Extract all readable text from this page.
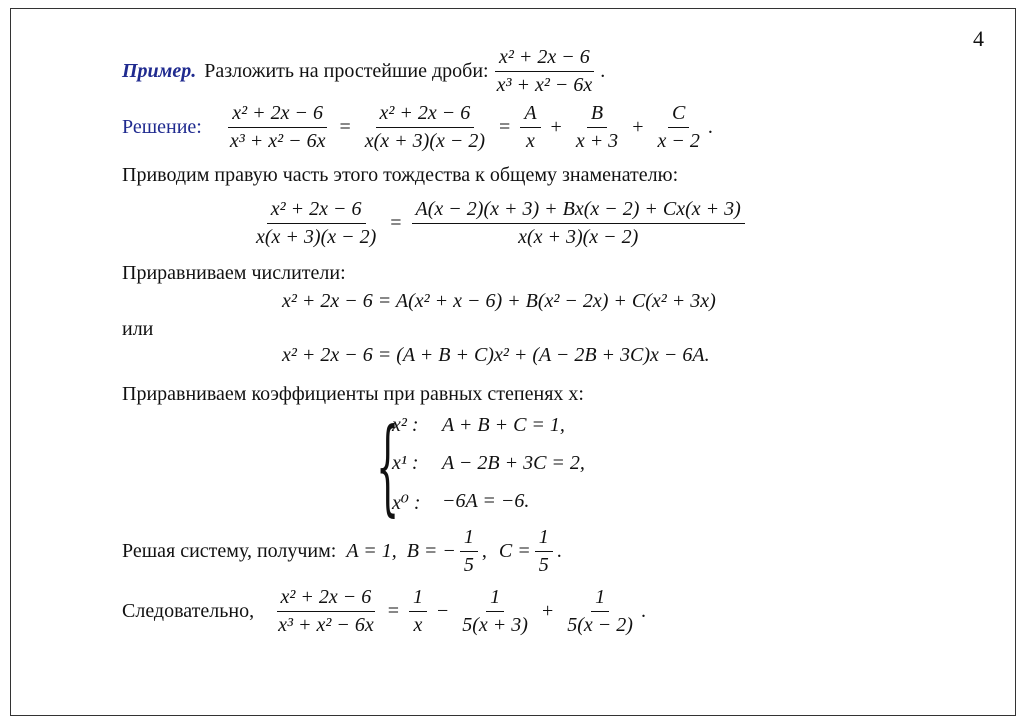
4
Пример. Разложить на простейшие дроби: $\frac{\text{x² + 2x − 6}}{\text{x³ + x² − 6x}}$ .
Решение: $\frac{\text{x² + 2x − 6}}{\text{x³ + x² − 6x}} = \frac{\text{x² + 2x − 6}}{x(x + 3)(x - 2)} = \frac{A}{x} + \frac{B}{x + 3} + \frac{C}{x - 2}$ .
Приводим правую часть этого тождества к общему знаменателю:
$\frac{\text{x² + 2x − 6}}{x(x + 3)(x - 2)} = \frac{A(x - 2)(x + 3) + Bx(x - 2) + Cx(x + 3)}{x(x + 3)(x - 2)}$
Приравниваем числители:
x² + 2x − 6 = A(x² + x − 6) + B(x² − 2x) + C(x² + 3x)
или
x² + 2x − 6 = (A + B + C)x² + (A − 2B + 3C)x − 6A.
Приравниваем коэффициенты при равных степенях x:
{
x² :	A + B + C = 1,
x¹ :	A − 2B + 3C = 2,
x⁰ :	−6A = −6.
Решая систему, получим: A = 1, B = − $\frac{1}{5}$ , $C = \frac{1}{5}$ .
Следовательно, $\frac{\text{x² + 2x − 6}}{\text{x³ + x² − 6x}} = \frac{1}{x} - \frac{1}{5(x + 3)} + \frac{1}{5(x - 2)}$ .
